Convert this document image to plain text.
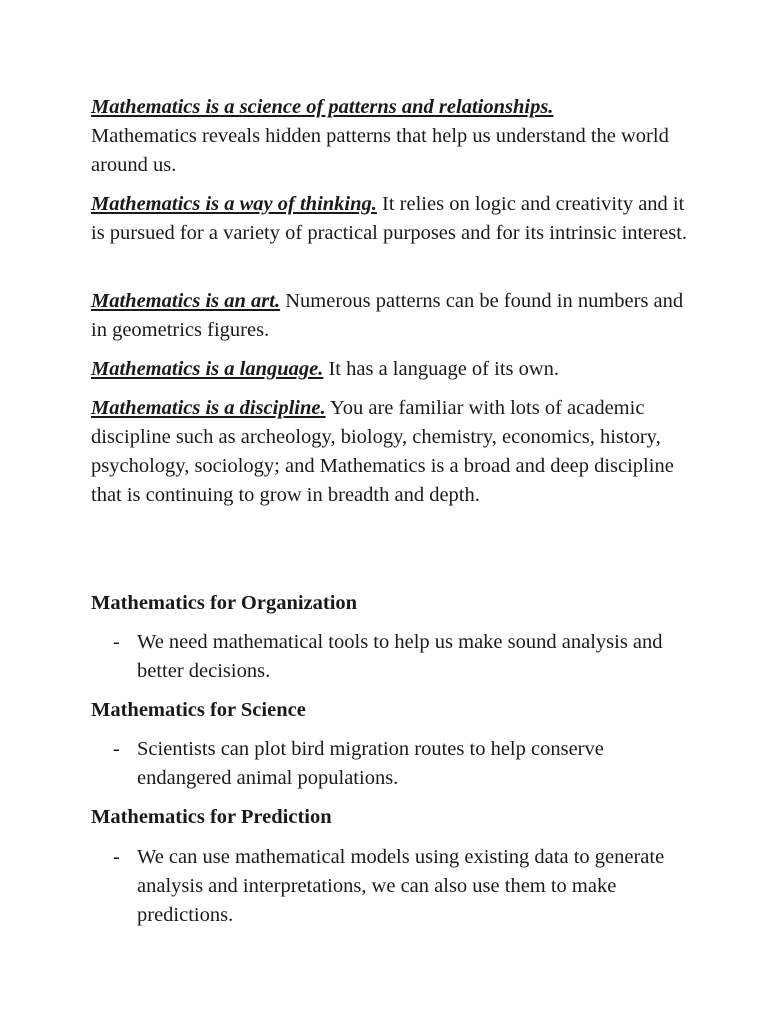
Mathematics is a science of patterns and relationships.
Mathematics reveals hidden patterns that help us understand the world around us.

Mathematics is a way of thinking. It relies on logic and creativity and it is pursued for a variety of practical purposes and for its intrinsic interest.

Mathematics is an art. Numerous patterns can be found in numbers and in geometrics figures.

Mathematics is a language. It has a language of its own.

Mathematics is a discipline. You are familiar with lots of academic discipline such as archeology, biology, chemistry, economics, history, psychology, sociology; and Mathematics is a broad and deep discipline that is continuing to grow in breadth and depth.

Mathematics for Organization
- We need mathematical tools to help us make sound analysis and better decisions.
Mathematics for Science
- Scientists can plot bird migration routes to help conserve endangered animal populations.
Mathematics for Prediction
- We can use mathematical models using existing data to generate analysis and interpretations, we can also use them to make predictions.
